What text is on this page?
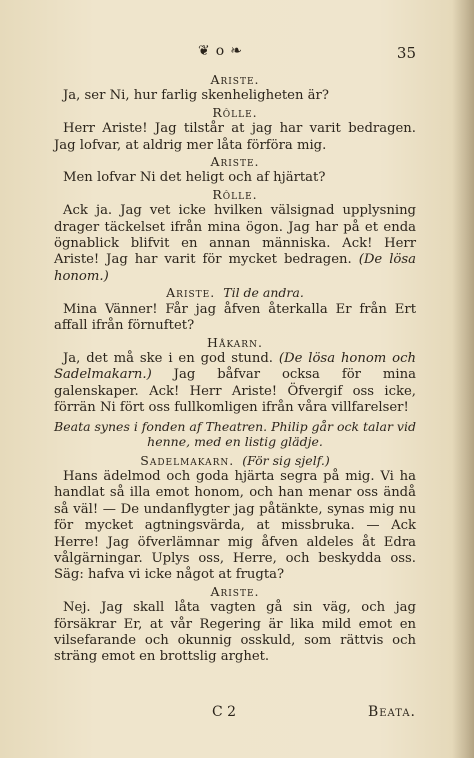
❦ o ❧	35

Ariste.

Ja, ser Ni, hur farlig skenheligheten är?

Rôlle.

Herr Ariste! Jag tilstår at jag har varit bedragen. Jag lofvar, at aldrig mer låta förföra mig.

Ariste.

Men lofvar Ni det heligt och af hjärtat?

Rôlle.

Ack ja. Jag vet icke hvilken välsignad upplysning drager täckelset ifrån mina ögon. Jag har på et enda ögnablick blifvit en annan människa. Ack! Herr Ariste! Jag har varit för mycket bedragen. (De lösa honom.)

Ariste. Til de andra.

Mina Vänner! Får jag åfven återkalla Er från Ert affall ifrån förnuftet?

Håkarn.

Ja, det må ske i en god stund. (De lösa honom och Sadelmakarn.) Jag båfvar ocksa för mina galenskaper. Ack! Herr Ariste! Öfvergif oss icke, förrän Ni fört oss fullkomligen ifrån våra villfarelser!

Beata synes i fonden af Theatren. Philip går ock talar vid henne, med en listig glädje.

Sadelmakarn. (För sig sjelf.)

Hans ädelmod och goda hjärta segra på mig. Vi ha handlat så illa emot honom, och han menar oss ändå så väl! — De undanflygter jag påtänkte, synas mig nu för mycket agtningsvärda, at missbruka. — Ack Herre! Jag öfverlämnar mig åfven aldeles åt Edra vålgärningar. Uplys oss, Herre, och beskydda oss. Säg: hafva vi icke något at frugta?

Ariste.

Nej. Jag skall låta vagten gå sin väg, och jag försäkrar Er, at vår Regering är lika mild emot en vilsefarande och okunnig osskuld, som rättvis och sträng emot en brottslig arghet.

C 2	Beata.
